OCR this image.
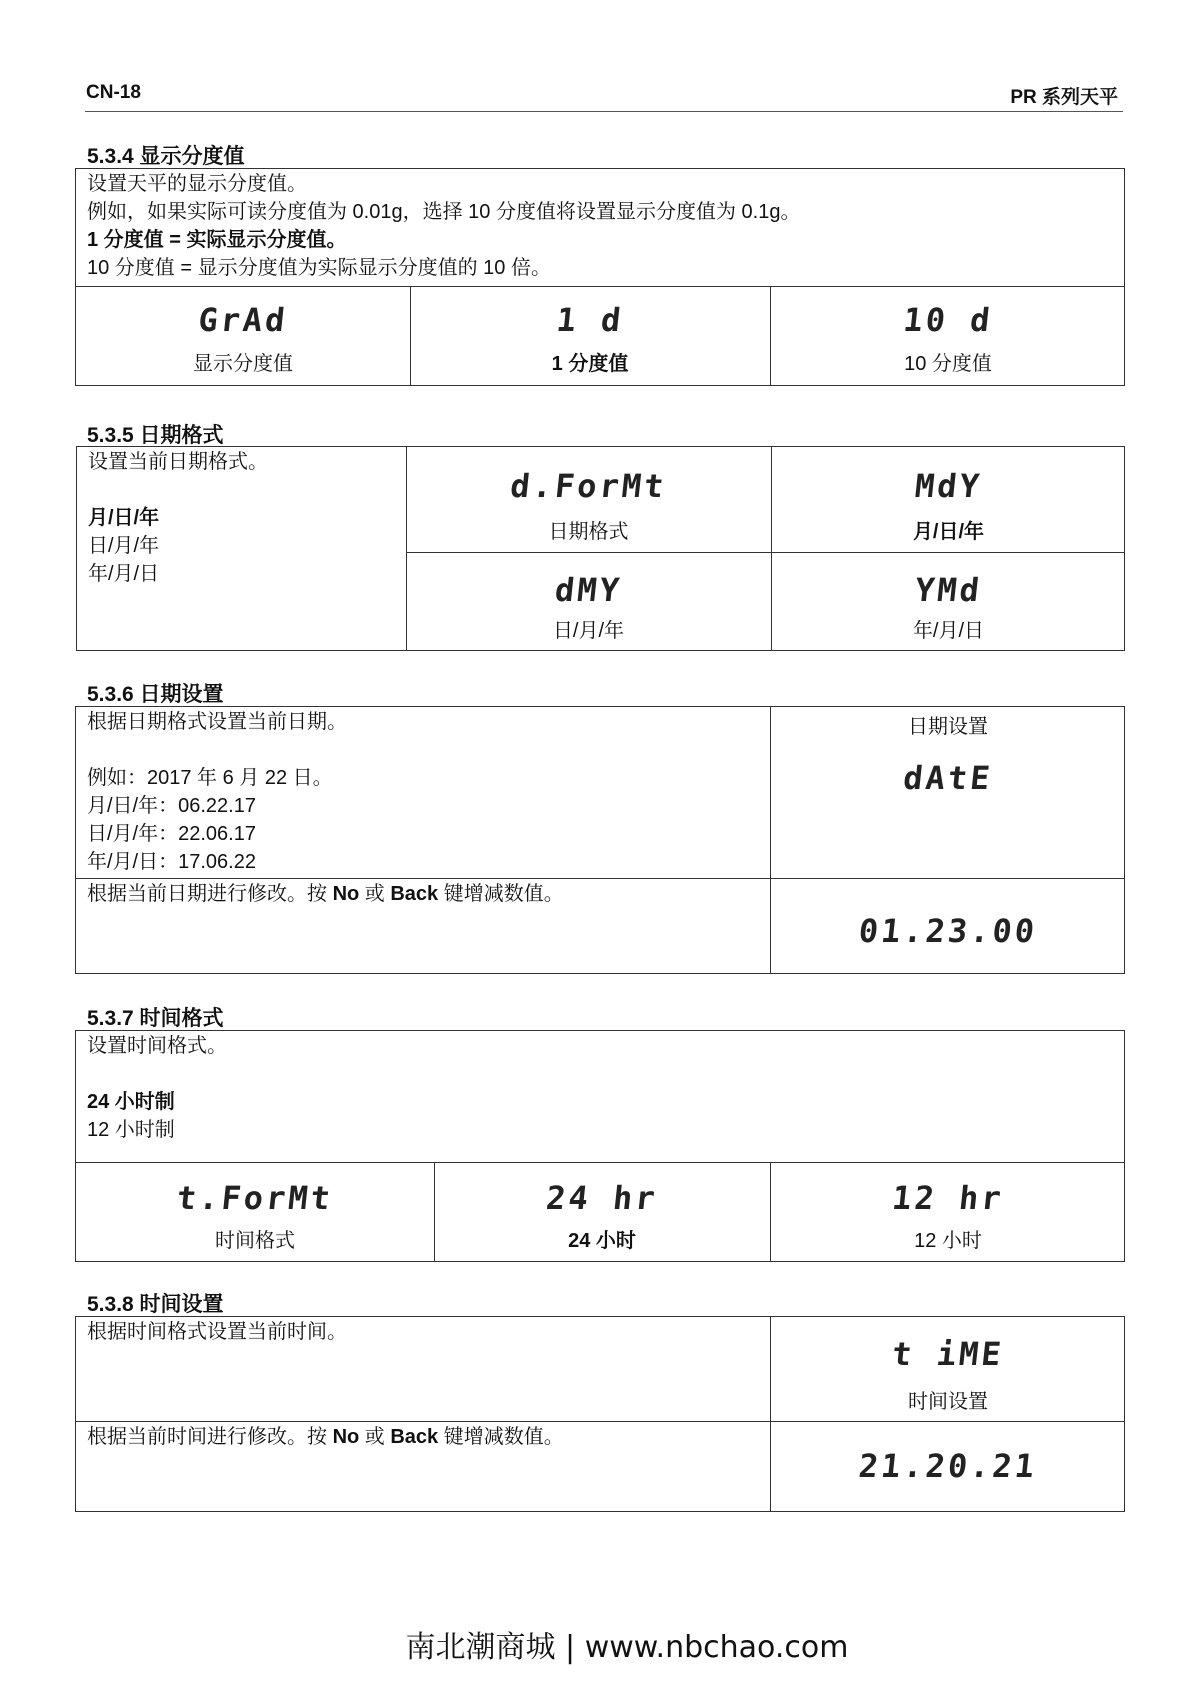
CN-18	PR 系列天平
5.3.4 显示分度值
设置天平的显示分度值。
例如，如果实际可读分度值为 0.01g，选择 10 分度值将设置显示分度值为 0.1g。
1 分度值 = 实际显示分度值。
10 分度值 = 显示分度值为实际显示分度值的 10 倍。
GrAd
显示分度值
1 d
1 分度值
10 d
10 分度值
5.3.5 日期格式
设置当前日期格式。
月/日/年
日/月/年
年/月/日
d.ForMt
日期格式
MdY
月/日/年
dMY
日/月/年
YMd
年/月/日
5.3.6 日期设置
根据日期格式设置当前日期。
例如：2017 年 6 月 22 日。
月/日/年：06.22.17
日/月/年：22.06.17
年/月/日：17.06.22
日期设置
dAtE
根据当前日期进行修改。按 No 或 Back 键增减数值。
01.23.00
5.3.7 时间格式
设置时间格式。
24 小时制
12 小时制
t.ForMt
时间格式
24 hr
24 小时
12 hr
12 小时
5.3.8 时间设置
根据时间格式设置当前时间。
t iME
时间设置
根据当前时间进行修改。按 No 或 Back 键增减数值。
21.20.21
南北潮商城 | www.nbchao.com
